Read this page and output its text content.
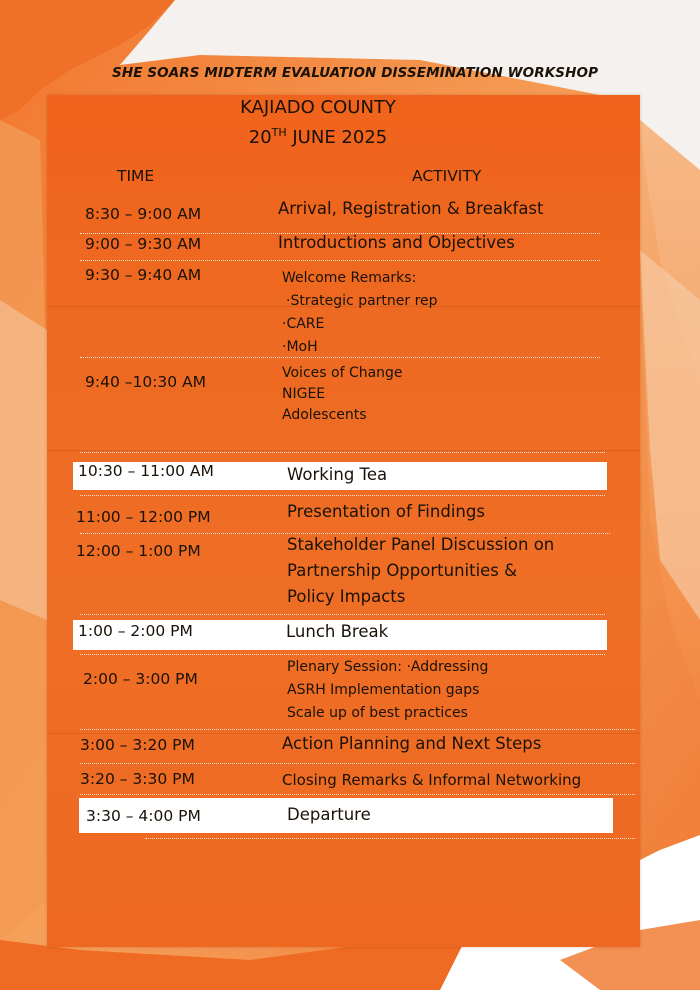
SHE SOARS MIDTERM EVALUATION DISSEMINATION WORKSHOP
KAJIADO COUNTY
20TH JUNE 2025
TIME	ACTIVITY
8:30 – 9:00 AM	Arrival, Registration & Breakfast
9:00 – 9:30 AM	Introductions and Objectives
9:30 – 9:40 AM	Welcome Remarks:
·Strategic partner rep
·CARE
·MoH
9:40 –10:30 AM	Voices of Change
NIGEE
Adolescents
10:30 – 11:00 AM	Working Tea
11:00 – 12:00 PM	Presentation of Findings
12:00 – 1:00 PM	Stakeholder Panel Discussion on
Partnership Opportunities &
Policy Impacts
1:00 – 2:00 PM	Lunch Break
2:00 – 3:00 PM
Plenary Session: ·Addressing
ASRH Implementation gaps
Scale up of best practices
3:00 – 3:20 PM	Action Planning and Next Steps
3:20 – 3:30 PM	Closing Remarks & Informal Networking
3:30 – 4:00 PM	Departure
